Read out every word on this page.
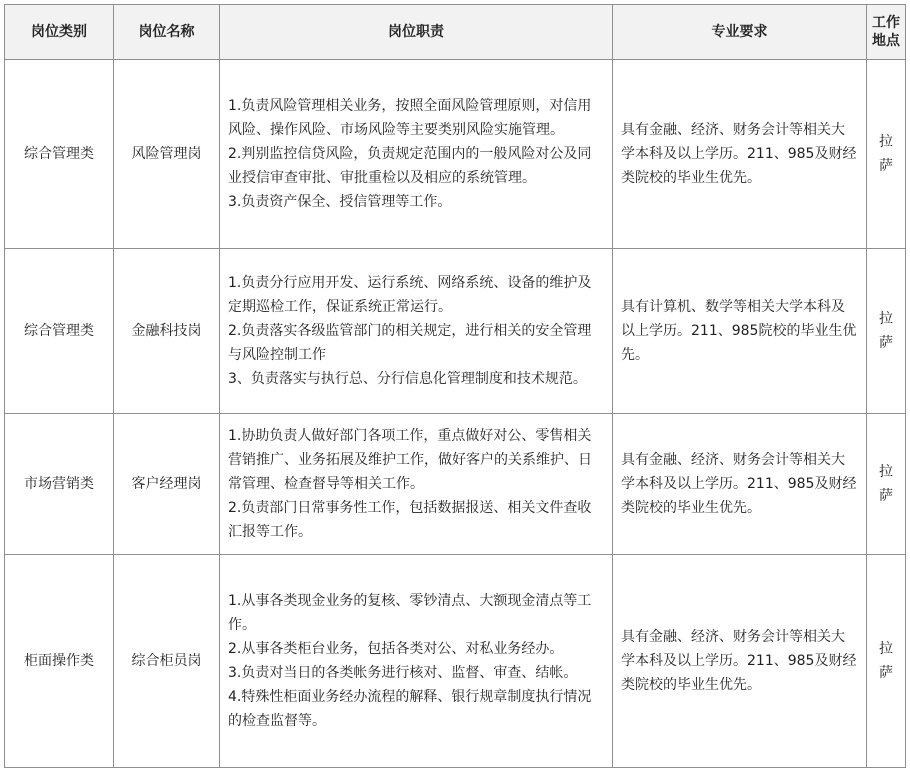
岗位类别	岗位名称	岗位职责	专业要求	工作
地点
综合管理类	风险管理岗	1.负责风险管理相关业务，按照全面风险管理原则，对信用风险、操作风险、市场风险等主要类别风险实施管理。
2.判别监控信贷风险，负责规定范围内的一般风险对公及同业授信审查审批、审批重检以及相应的系统管理。
3.负责资产保全、授信管理等工作。	具有金融、经济、财务会计等相关大学本科及以上学历。211、985及财经类院校的毕业生优先。	拉萨
综合管理类	金融科技岗	1.负责分行应用开发、运行系统、网络系统、设备的维护及定期巡检工作，保证系统正常运行。
2.负责落实各级监管部门的相关规定，进行相关的安全管理与风险控制工作
3、负责落实与执行总、分行信息化管理制度和技术规范。	具有计算机、数学等相关大学本科及以上学历。211、985院校的毕业生优先。	拉萨
市场营销类	客户经理岗	1.协助负责人做好部门各项工作，重点做好对公、零售相关营销推广、业务拓展及维护工作，做好客户的关系维护、日常管理、检查督导等相关工作。
2.负责部门日常事务性工作，包括数据报送、相关文件查收汇报等工作。	具有金融、经济、财务会计等相关大学本科及以上学历。211、985及财经类院校的毕业生优先。	拉萨
柜面操作类	综合柜员岗	1.从事各类现金业务的复核、零钞清点、大额现金清点等工作。
2.从事各类柜台业务，包括各类对公、对私业务经办。
3.负责对当日的各类帐务进行核对、监督、审查、结帐。
4.特殊性柜面业务经办流程的解释、银行规章制度执行情况的检查监督等。	具有金融、经济、财务会计等相关大学本科及以上学历。211、985及财经类院校的毕业生优先。	拉萨
